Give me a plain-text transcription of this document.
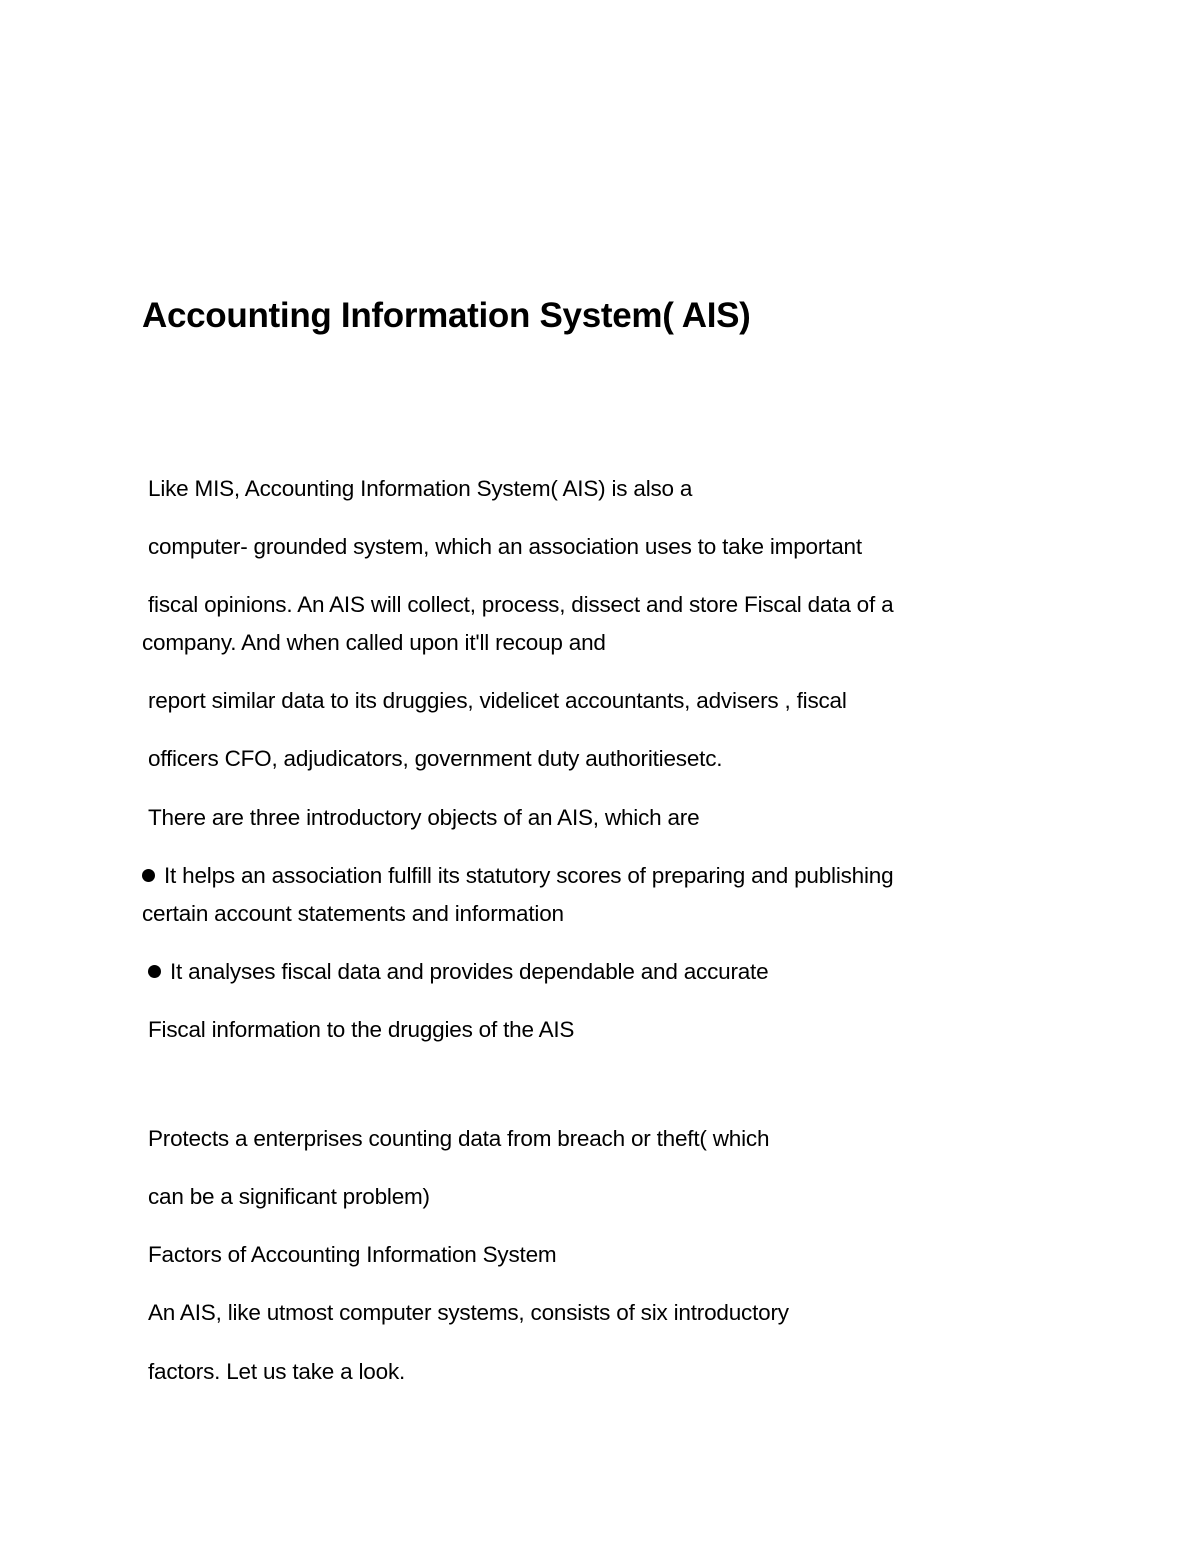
Accounting Information System( AIS)

Like MIS, Accounting Information System( AIS) is also a

computer- grounded system, which an association uses to take important

fiscal opinions. An AIS will collect, process, dissect and store Fiscal data of a

company. And when called upon it'll recoup and

report similar data to its druggies, videlicet accountants, advisers , fiscal

officers CFO, adjudicators, government duty authoritiesetc.

There are three introductory objects of an AIS, which are

It helps an association fulfill its statutory scores of preparing and publishing

certain account statements and information

It analyses fiscal data and provides dependable and accurate

Fiscal information to the druggies of the AIS

Protects a enterprises counting data from breach or theft( which

can be a significant problem)

Factors of Accounting Information System

An AIS, like utmost computer systems, consists of six introductory

factors. Let us take a look.
